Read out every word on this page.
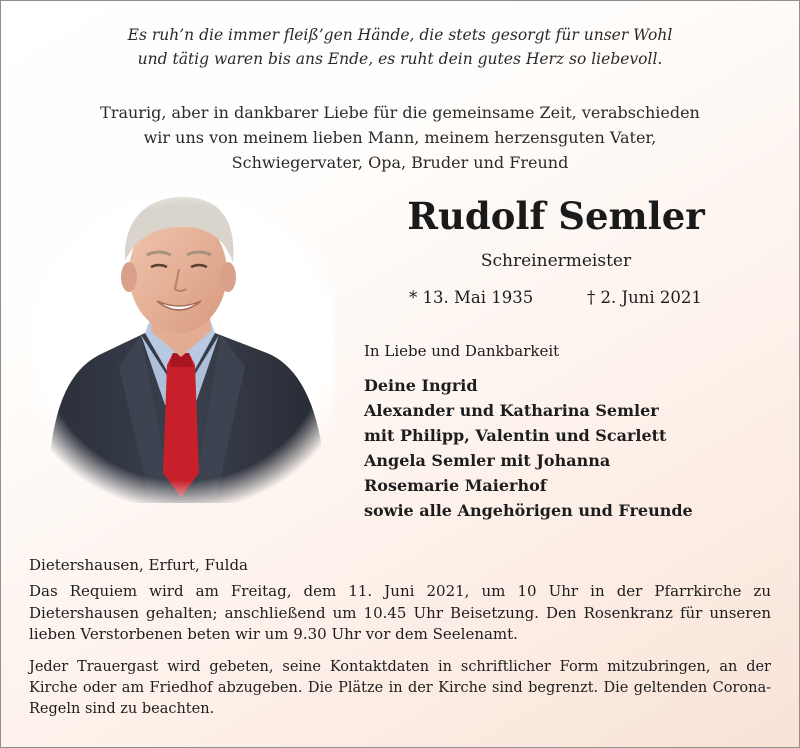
Es ruh’n die immer fleiß’gen Hände, die stets gesorgt für unser Wohl
und tätig waren bis ans Ende, es ruht dein gutes Herz so liebevoll.
Traurig, aber in dankbarer Liebe für die gemeinsame Zeit, verabschieden
wir uns von meinem lieben Mann, meinem herzensguten Vater,
Schwiegervater, Opa, Bruder und Freund
Rudolf Semler
Schreinermeister
* 13. Mai 1935	† 2. Juni 2021
In Liebe und Dankbarkeit
Deine Ingrid
Alexander und Katharina Semler
mit Philipp, Valentin und Scarlett
Angela Semler mit Johanna
Rosemarie Maierhof
sowie alle Angehörigen und Freunde
Dietershausen, Erfurt, Fulda

Das Requiem wird am Freitag, dem 11. Juni 2021, um 10 Uhr in der Pfarrkirche zu Dietershausen gehalten; anschließend um 10.45 Uhr Beisetzung. Den Rosenkranz für unseren lieben Verstorbenen beten wir um 9.30 Uhr vor dem Seelenamt.

Jeder Trauergast wird gebeten, seine Kontaktdaten in schriftlicher Form mitzubringen, an der Kirche oder am Friedhof abzugeben. Die Plätze in der Kirche sind begrenzt. Die geltenden Corona-Regeln sind zu beachten.
